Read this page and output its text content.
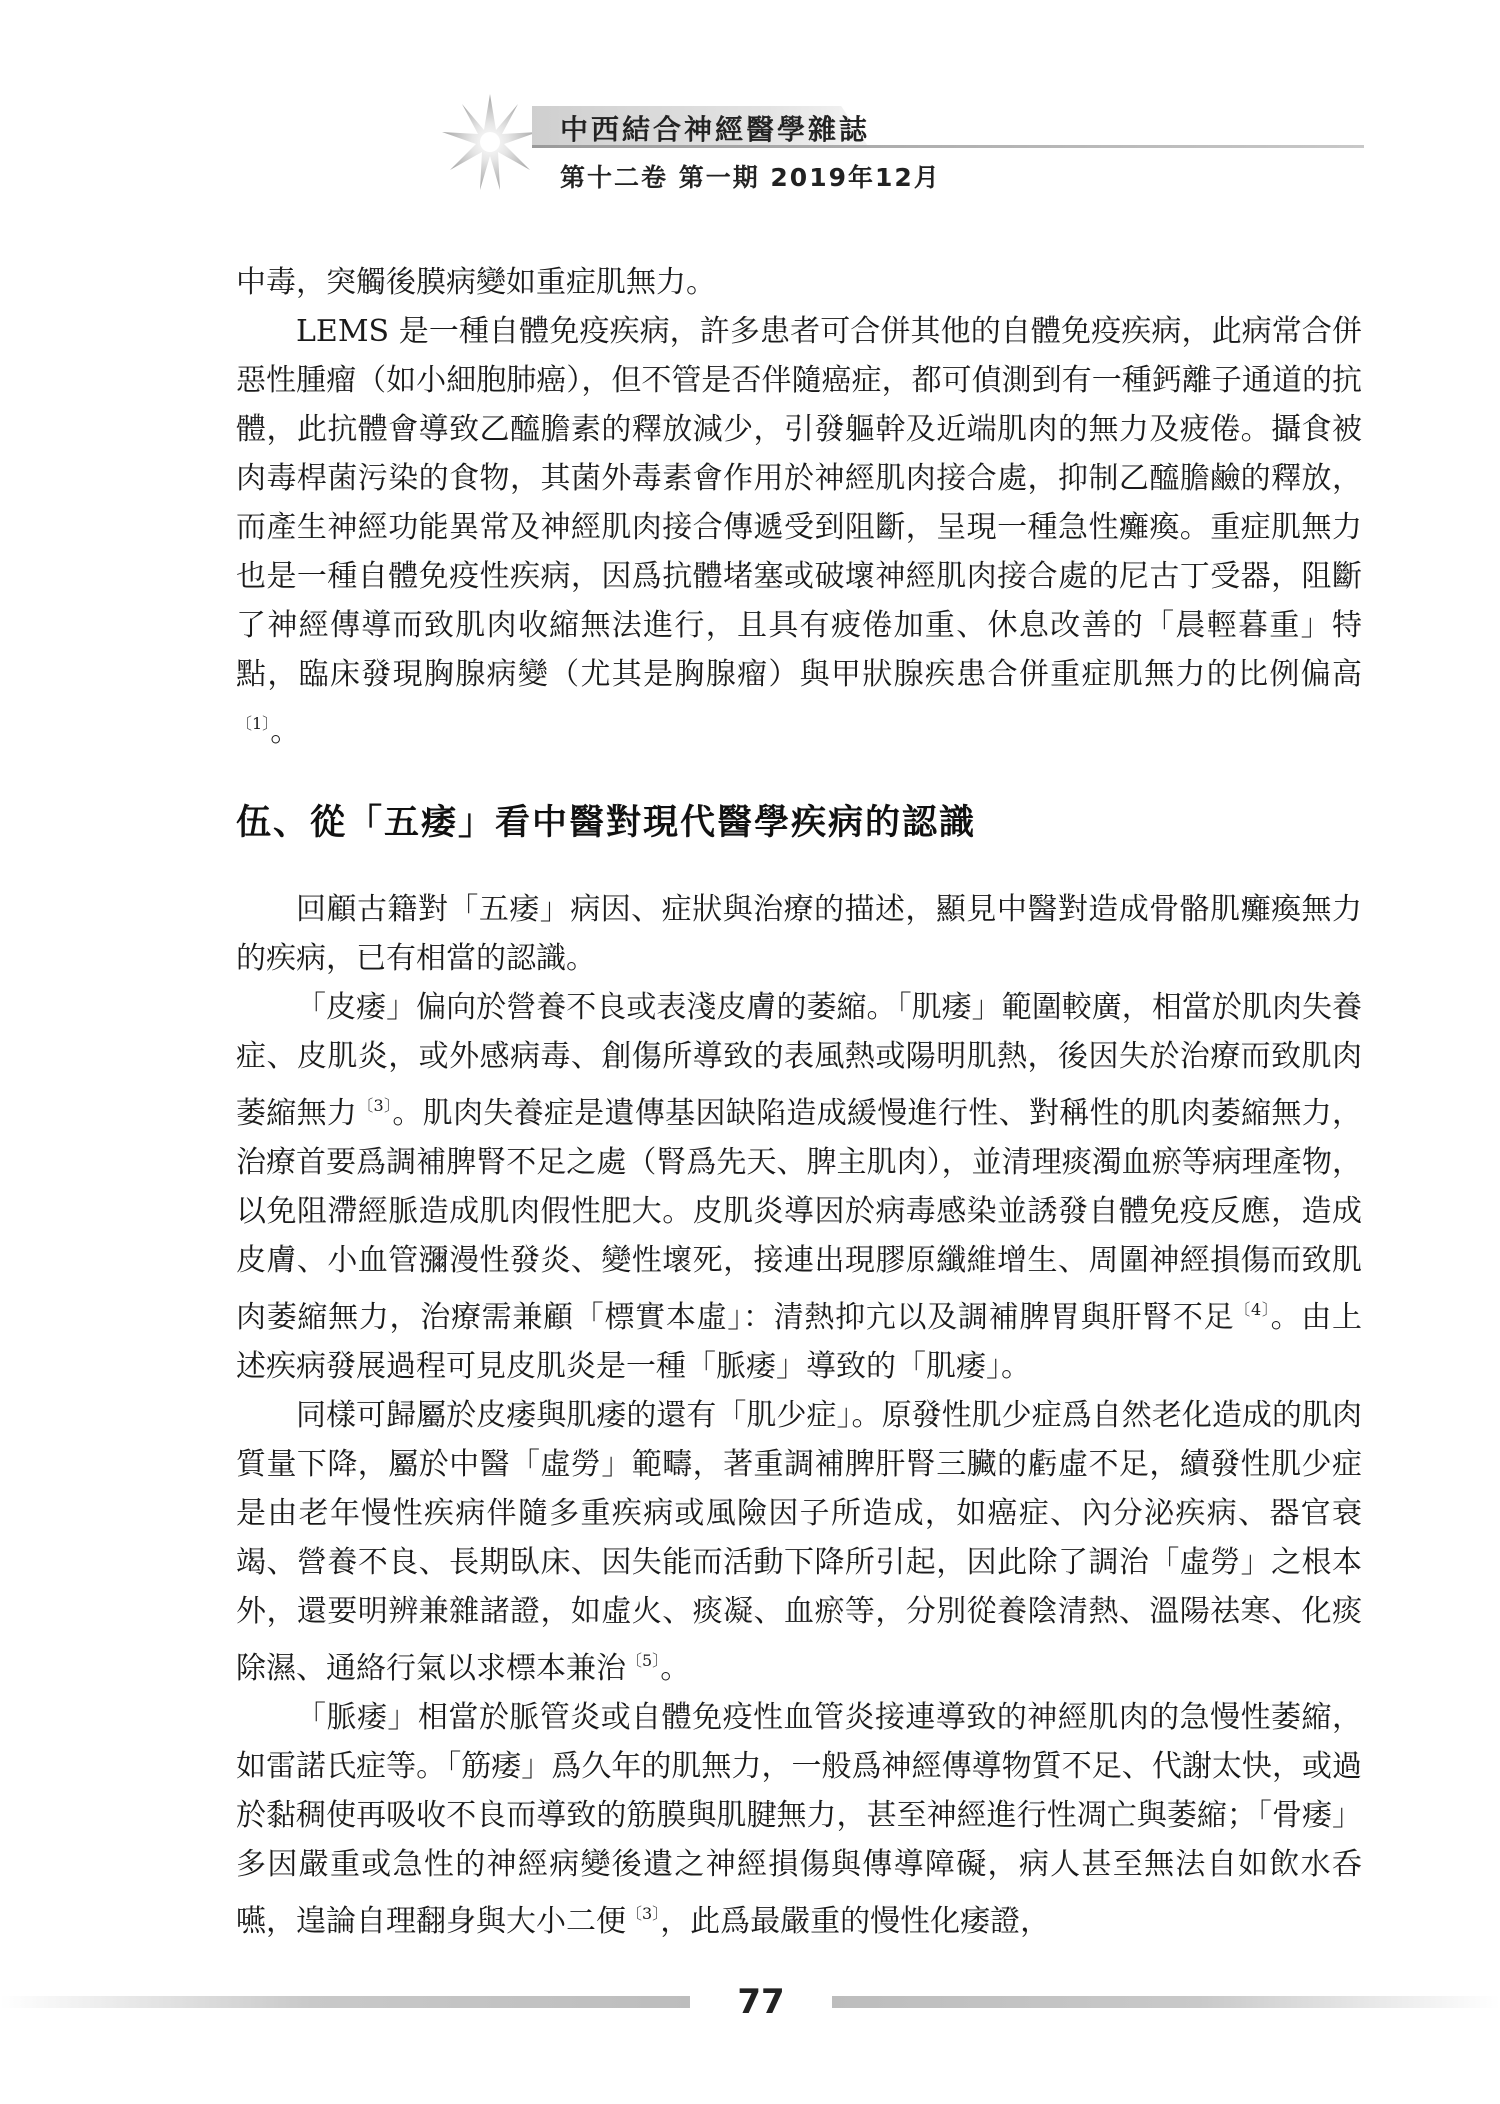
中西結合神經醫學雜誌
第十二卷 第一期 2019年12月

中毒，突觸後膜病變如重症肌無力。

LEMS 是一種自體免疫疾病，許多患者可合併其他的自體免疫疾病，此病常合併惡性腫瘤（如小細胞肺癌），但不管是否伴隨癌症，都可偵測到有一種鈣離子通道的抗體，此抗體會導致乙醯膽素的釋放減少，引發軀幹及近端肌肉的無力及疲倦。攝食被肉毒桿菌污染的食物，其菌外毒素會作用於神經肌肉接合處，抑制乙醯膽鹼的釋放，而產生神經功能異常及神經肌肉接合傳遞受到阻斷，呈現一種急性癱瘓。重症肌無力也是一種自體免疫性疾病，因爲抗體堵塞或破壞神經肌肉接合處的尼古丁受器，阻斷了神經傳導而致肌肉收縮無法進行，且具有疲倦加重、休息改善的「晨輕暮重」特點，臨床發現胸腺病變（尤其是胸腺瘤）與甲狀腺疾患合併重症肌無力的比例偏高$^{〔1〕}$。

伍、從「五痿」看中醫對現代醫學疾病的認識

回顧古籍對「五痿」病因、症狀與治療的描述，顯見中醫對造成骨骼肌癱瘓無力的疾病，已有相當的認識。

「皮痿」偏向於營養不良或表淺皮膚的萎縮。「肌痿」範圍較廣，相當於肌肉失養症、皮肌炎，或外感病毒、創傷所導致的表風熱或陽明肌熱，後因失於治療而致肌肉萎縮無力$^{〔3〕}$。肌肉失養症是遺傳基因缺陷造成緩慢進行性、對稱性的肌肉萎縮無力，治療首要爲調補脾腎不足之處（腎爲先天、脾主肌肉），並清理痰濁血瘀等病理產物，以免阻滯經脈造成肌肉假性肥大。皮肌炎導因於病毒感染並誘發自體免疫反應，造成皮膚、小血管瀰漫性發炎、變性壞死，接連出現膠原纖維增生、周圍神經損傷而致肌肉萎縮無力，治療需兼顧「標實本虛」：清熱抑亢以及調補脾胃與肝腎不足$^{〔4〕}$。由上述疾病發展過程可見皮肌炎是一種「脈痿」導致的「肌痿」。

同樣可歸屬於皮痿與肌痿的還有「肌少症」。原發性肌少症爲自然老化造成的肌肉質量下降，屬於中醫「虛勞」範疇，著重調補脾肝腎三臟的虧虛不足，續發性肌少症是由老年慢性疾病伴隨多重疾病或風險因子所造成，如癌症、內分泌疾病、器官衰竭、營養不良、長期臥床、因失能而活動下降所引起，因此除了調治「虛勞」之根本外，還要明辨兼雜諸證，如虛火、痰凝、血瘀等，分別從養陰清熱、溫陽祛寒、化痰除濕、通絡行氣以求標本兼治$^{〔5〕}$。

「脈痿」相當於脈管炎或自體免疫性血管炎接連導致的神經肌肉的急慢性萎縮，如雷諾氏症等。「筋痿」爲久年的肌無力，一般爲神經傳導物質不足、代謝太快，或過於黏稠使再吸收不良而導致的筋膜與肌腱無力，甚至神經進行性凋亡與萎縮；「骨痿」多因嚴重或急性的神經病變後遺之神經損傷與傳導障礙，病人甚至無法自如飲水呑嚥，遑論自理翻身與大小二便$^{〔3〕}$，此爲最嚴重的慢性化痿證，

77
